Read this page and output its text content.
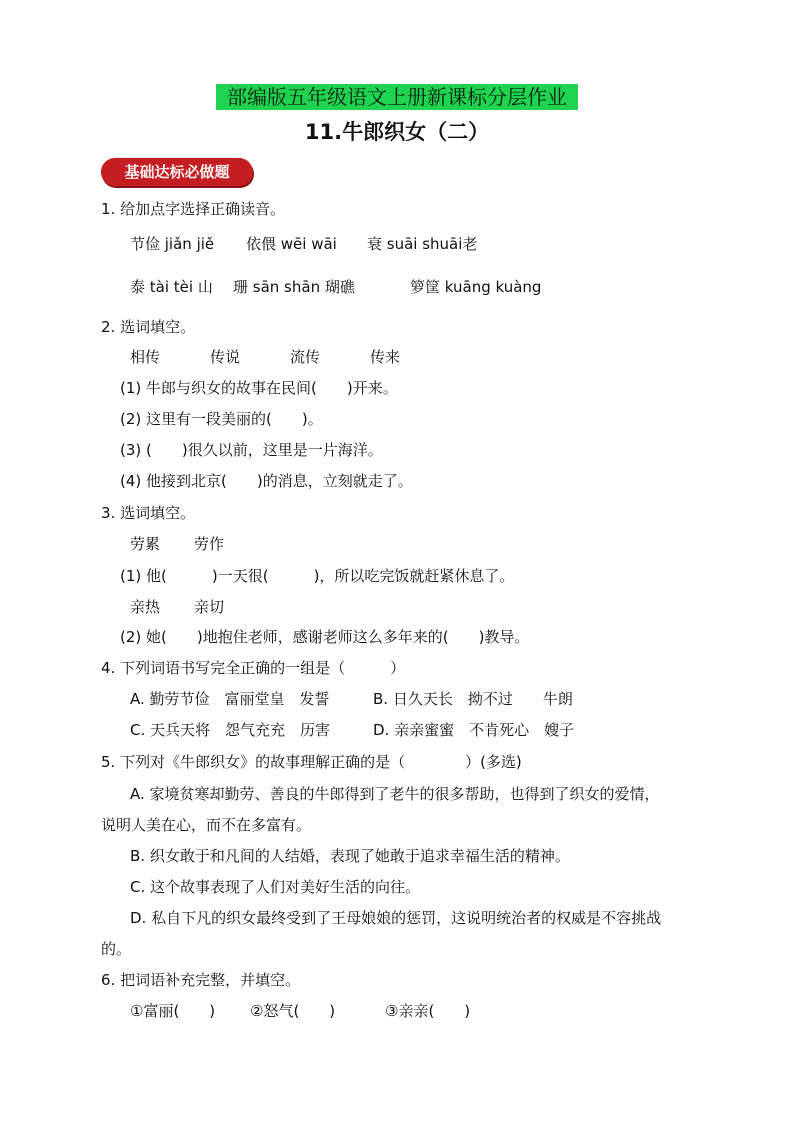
部编版五年级语文上册新课标分层作业
11.牛郎织女（二）
基础达标必做题
1. 给加点字选择正确读音。
节俭 jiǎn jiě 依偎 wēi wāi 衰 suāi shuāi老
泰 tài tèi 山 珊 sān shān 瑚礁	箩筐 kuāng kuàng
2. 选词填空。
相传	传说	流传	传来
(1) 牛郎与织女的故事在民间(　　)开来。
(2) 这里有一段美丽的(　　)。
(3) (　　)很久以前，这里是一片海洋。
(4) 他接到北京(　　)的消息，立刻就走了。
3. 选词填空。
劳累 劳作
(1) 他(　　　)一天很(　　　)，所以吃完饭就赶紧休息了。
亲热 亲切
(2) 她(　　)地抱住老师，感谢老师这么多年来的(　　)教导。
4. 下列词语书写完全正确的一组是（　　　）
A. 勤劳节俭　富丽堂皇　发誓	B. 日久天长　拗不过　　牛朗
C. 天兵天将　怨气充充　历害	D. 亲亲蜜蜜　不肯死心　嫂子
5. 下列对《牛郎织女》的故事理解正确的是（　　　　）(多选)
A. 家境贫寒却勤劳、善良的牛郎得到了老牛的很多帮助，也得到了织女的爱情，
说明人美在心，而不在多富有。
B. 织女敢于和凡间的人结婚，表现了她敢于追求幸福生活的精神。
C. 这个故事表现了人们对美好生活的向往。
D. 私自下凡的织女最终受到了王母娘娘的惩罚，这说明统治者的权威是不容挑战
的。
6. 把词语补充完整，并填空。
①富丽(　　) ②怒气(　　)	③亲亲(　　)
